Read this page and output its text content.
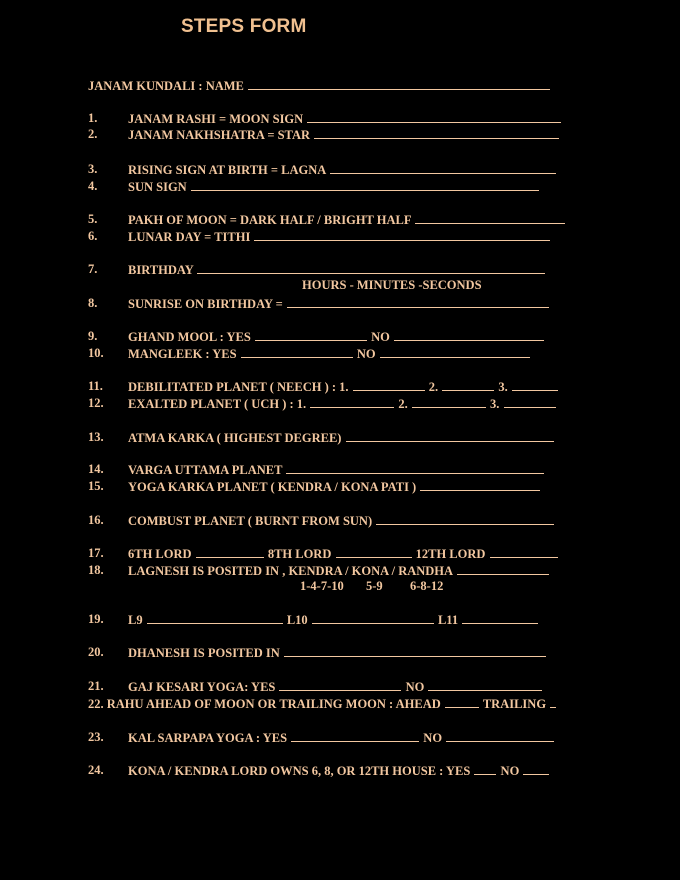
STEPS FORM
JANAM KUNDALI : NAME
1. JANAM RASHI = MOON SIGN
2. JANAM NAKHSHATRA = STAR
3. RISING SIGN AT BIRTH = LAGNA
4. SUN SIGN
5. PAKH OF MOON = DARK HALF / BRIGHT HALF
6. LUNAR DAY = TITHI
7. BIRTHDAY
HOURS - MINUTES -SECONDS
8. SUNRISE ON BIRTHDAY =
9. GHAND MOOL : YES	NO
10. MANGLEEK : YES	NO
11. DEBILITATED PLANET ( NEECH ) : 1.	2.	3.
12. EXALTED PLANET ( UCH ) : 1.	2.	3.
13. ATMA KARKA ( HIGHEST DEGREE)
14. VARGA UTTAMA PLANET
15. YOGA KARKA PLANET ( KENDRA / KONA PATI )
16. COMBUST PLANET ( BURNT FROM SUN)
17. 6TH LORD	8TH LORD	12TH LORD
18. LAGNESH IS POSITED IN , KENDRA / KONA / RANDHA
1-4-7-10 5-9 6-8-12
19. L9	L10	L11
20. DHANESH IS POSITED IN
21. GAJ KESARI YOGA: YES	NO
22. RAHU AHEAD OF MOON OR TRAILING MOON : AHEAD	TRAILING
23. KAL SARPAPA YOGA : YES	NO
24. KONA / KENDRA LORD OWNS 6, 8, OR 12TH HOUSE : YES NO
